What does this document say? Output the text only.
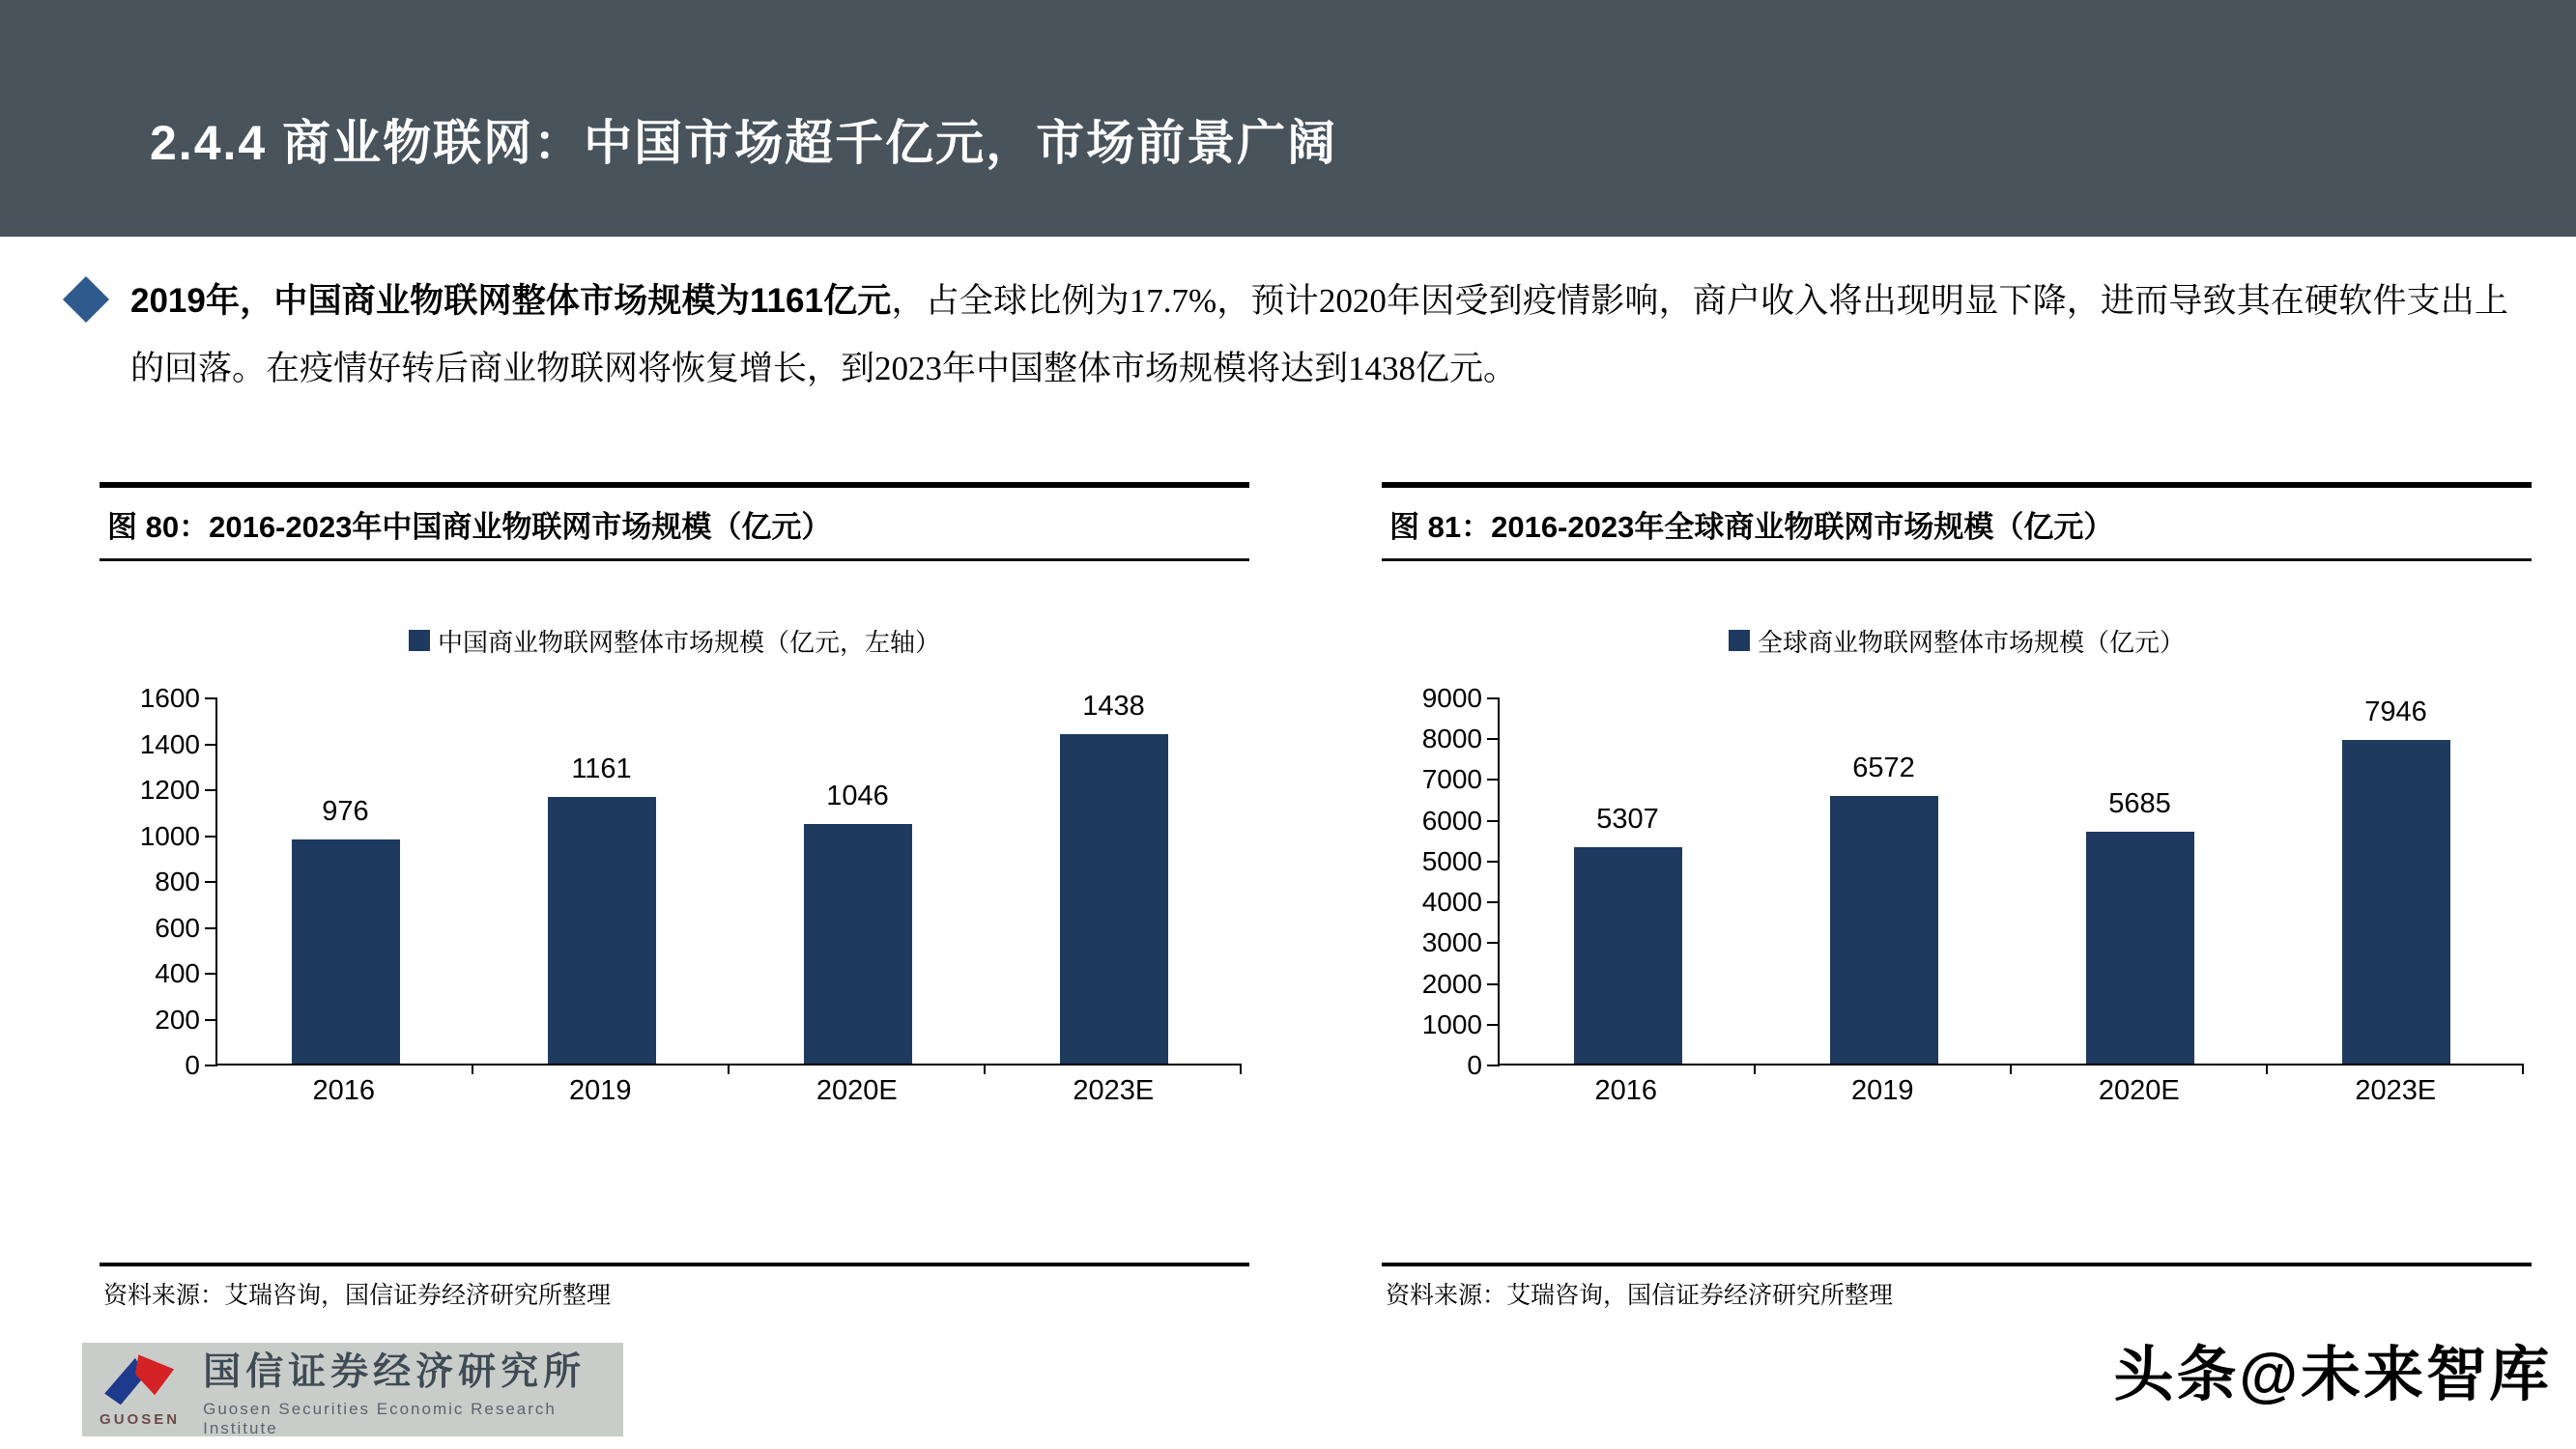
2.4.4 商业物联网：中国市场超千亿元，市场前景广阔

2019年，中国商业物联网整体市场规模为1161亿元，占全球比例为17.7%，预计2020年因受到疫情影响，商户收入将出现明显下降，进而导致其在硬软件支出上的回落。在疫情好转后商业物联网将恢复增长，到2023年中国整体市场规模将达到1438亿元。

图 80：2016-2023年中国商业物联网市场规模（亿元）
中国商业物联网整体市场规模（亿元，左轴）
1600
1400
1200
1000
800
600
400
200
0
976
1161
1046
1438
2016	2019	2020E	2023E
资料来源：艾瑞咨询，国信证券经济研究所整理
图 81：2016-2023年全球商业物联网市场规模（亿元）
全球商业物联网整体市场规模（亿元）
9000
8000
7000
6000
5000
4000
3000
2000
1000
0
5307
6572
5685
7946
2016	2019	2020E	2023E
资料来源：艾瑞咨询，国信证券经济研究所整理
GUOSEN
国信证券经济研究所
Guosen Securities Economic Research Institute
头条@未来智库
